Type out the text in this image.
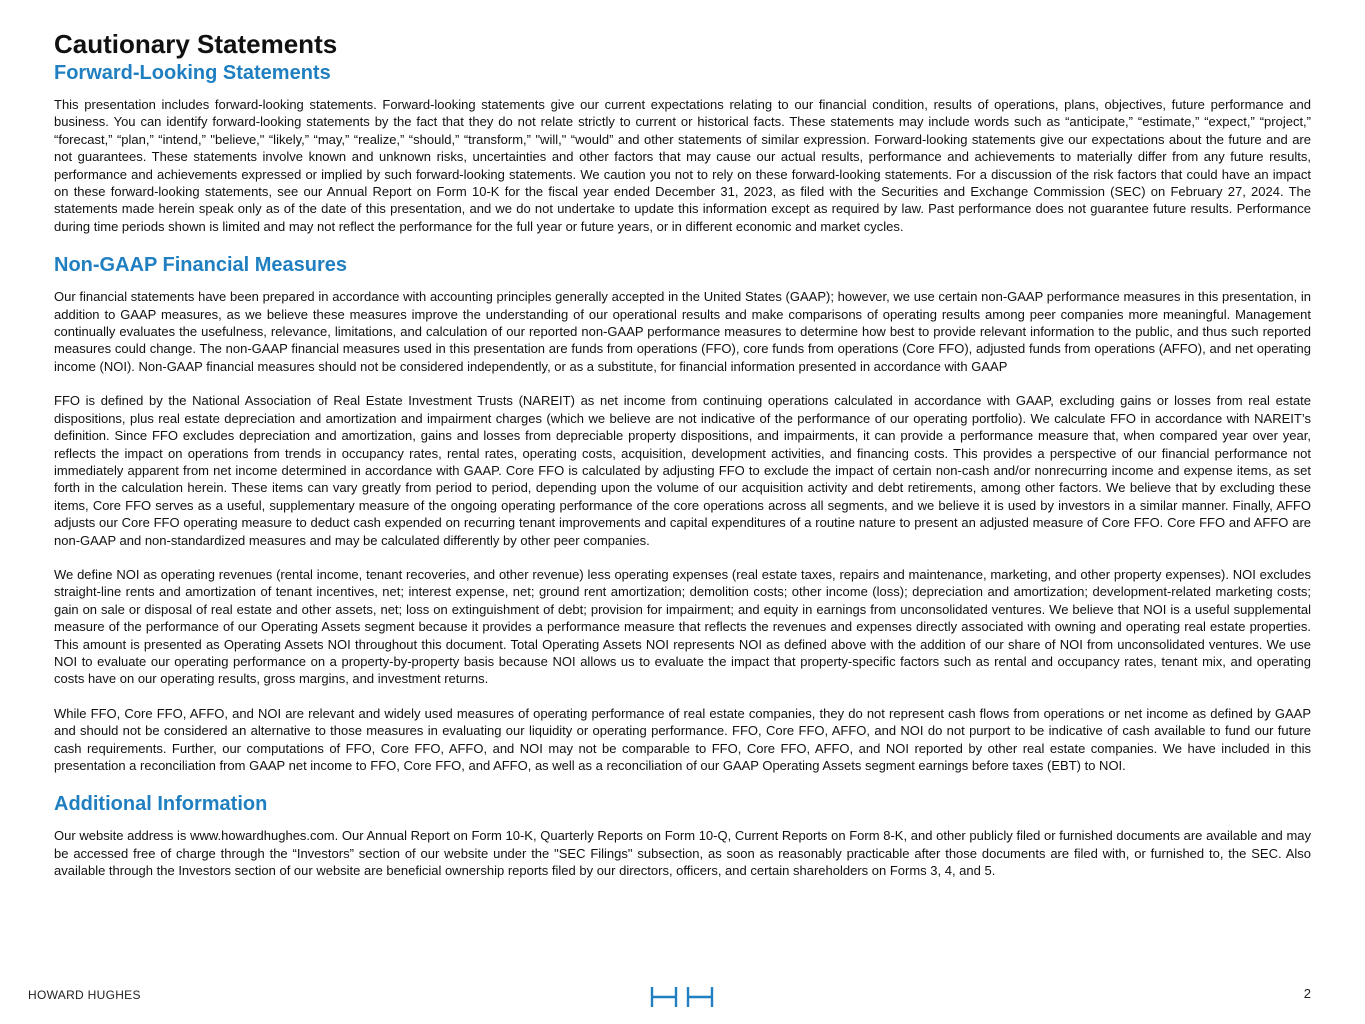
Cautionary Statements
Forward-Looking Statements

This presentation includes forward-looking statements. Forward-looking statements give our current expectations relating to our financial condition, results of operations, plans, objectives, future performance and business. You can identify forward-looking statements by the fact that they do not relate strictly to current or historical facts. These statements may include words such as “anticipate,” “estimate,” “expect,” “project,” “forecast,” “plan,” “intend,” "believe," “likely,” “may,” “realize,” “should,” “transform,” "will," “would” and other statements of similar expression. Forward-looking statements give our expectations about the future and are not guarantees. These statements involve known and unknown risks, uncertainties and other factors that may cause our actual results, performance and achievements to materially differ from any future results, performance and achievements expressed or implied by such forward-looking statements. We caution you not to rely on these forward-looking statements. For a discussion of the risk factors that could have an impact on these forward-looking statements, see our Annual Report on Form 10-K for the fiscal year ended December 31, 2023, as filed with the Securities and Exchange Commission (SEC) on February 27, 2024. The statements made herein speak only as of the date of this presentation, and we do not undertake to update this information except as required by law. Past performance does not guarantee future results. Performance during time periods shown is limited and may not reflect the performance for the full year or future years, or in different economic and market cycles.

Non-GAAP Financial Measures

Our financial statements have been prepared in accordance with accounting principles generally accepted in the United States (GAAP); however, we use certain non-GAAP performance measures in this presentation, in addition to GAAP measures, as we believe these measures improve the understanding of our operational results and make comparisons of operating results among peer companies more meaningful. Management continually evaluates the usefulness, relevance, limitations, and calculation of our reported non-GAAP performance measures to determine how best to provide relevant information to the public, and thus such reported measures could change. The non-GAAP financial measures used in this presentation are funds from operations (FFO), core funds from operations (Core FFO), adjusted funds from operations (AFFO), and net operating income (NOI). Non-GAAP financial measures should not be considered independently, or as a substitute, for financial information presented in accordance with GAAP

FFO is defined by the National Association of Real Estate Investment Trusts (NAREIT) as net income from continuing operations calculated in accordance with GAAP, excluding gains or losses from real estate dispositions, plus real estate depreciation and amortization and impairment charges (which we believe are not indicative of the performance of our operating portfolio). We calculate FFO in accordance with NAREIT’s definition. Since FFO excludes depreciation and amortization, gains and losses from depreciable property dispositions, and impairments, it can provide a performance measure that, when compared year over year, reflects the impact on operations from trends in occupancy rates, rental rates, operating costs, acquisition, development activities, and financing costs. This provides a perspective of our financial performance not immediately apparent from net income determined in accordance with GAAP. Core FFO is calculated by adjusting FFO to exclude the impact of certain non-cash and/or nonrecurring income and expense items, as set forth in the calculation herein. These items can vary greatly from period to period, depending upon the volume of our acquisition activity and debt retirements, among other factors. We believe that by excluding these items, Core FFO serves as a useful, supplementary measure of the ongoing operating performance of the core operations across all segments, and we believe it is used by investors in a similar manner. Finally, AFFO adjusts our Core FFO operating measure to deduct cash expended on recurring tenant improvements and capital expenditures of a routine nature to present an adjusted measure of Core FFO. Core FFO and AFFO are non-GAAP and non-standardized measures and may be calculated differently by other peer companies.

We define NOI as operating revenues (rental income, tenant recoveries, and other revenue) less operating expenses (real estate taxes, repairs and maintenance, marketing, and other property expenses). NOI excludes straight-line rents and amortization of tenant incentives, net; interest expense, net; ground rent amortization; demolition costs; other income (loss); depreciation and amortization; development-related marketing costs; gain on sale or disposal of real estate and other assets, net; loss on extinguishment of debt; provision for impairment; and equity in earnings from unconsolidated ventures. We believe that NOI is a useful supplemental measure of the performance of our Operating Assets segment because it provides a performance measure that reflects the revenues and expenses directly associated with owning and operating real estate properties. This amount is presented as Operating Assets NOI throughout this document. Total Operating Assets NOI represents NOI as defined above with the addition of our share of NOI from unconsolidated ventures. We use NOI to evaluate our operating performance on a property-by-property basis because NOI allows us to evaluate the impact that property-specific factors such as rental and occupancy rates, tenant mix, and operating costs have on our operating results, gross margins, and investment returns.

While FFO, Core FFO, AFFO, and NOI are relevant and widely used measures of operating performance of real estate companies, they do not represent cash flows from operations or net income as defined by GAAP and should not be considered an alternative to those measures in evaluating our liquidity or operating performance. FFO, Core FFO, AFFO, and NOI do not purport to be indicative of cash available to fund our future cash requirements. Further, our computations of FFO, Core FFO, AFFO, and NOI may not be comparable to FFO, Core FFO, AFFO, and NOI reported by other real estate companies. We have included in this presentation a reconciliation from GAAP net income to FFO, Core FFO, and AFFO, as well as a reconciliation of our GAAP Operating Assets segment earnings before taxes (EBT) to NOI.

Additional Information

Our website address is www.howardhughes.com. Our Annual Report on Form 10-K, Quarterly Reports on Form 10-Q, Current Reports on Form 8-K, and other publicly filed or furnished documents are available and may be accessed free of charge through the “Investors” section of our website under the "SEC Filings" subsection, as soon as reasonably practicable after those documents are filed with, or furnished to, the SEC. Also available through the Investors section of our website are beneficial ownership reports filed by our directors, officers, and certain shareholders on Forms 3, 4, and 5.

HOWARD HUGHES	2
